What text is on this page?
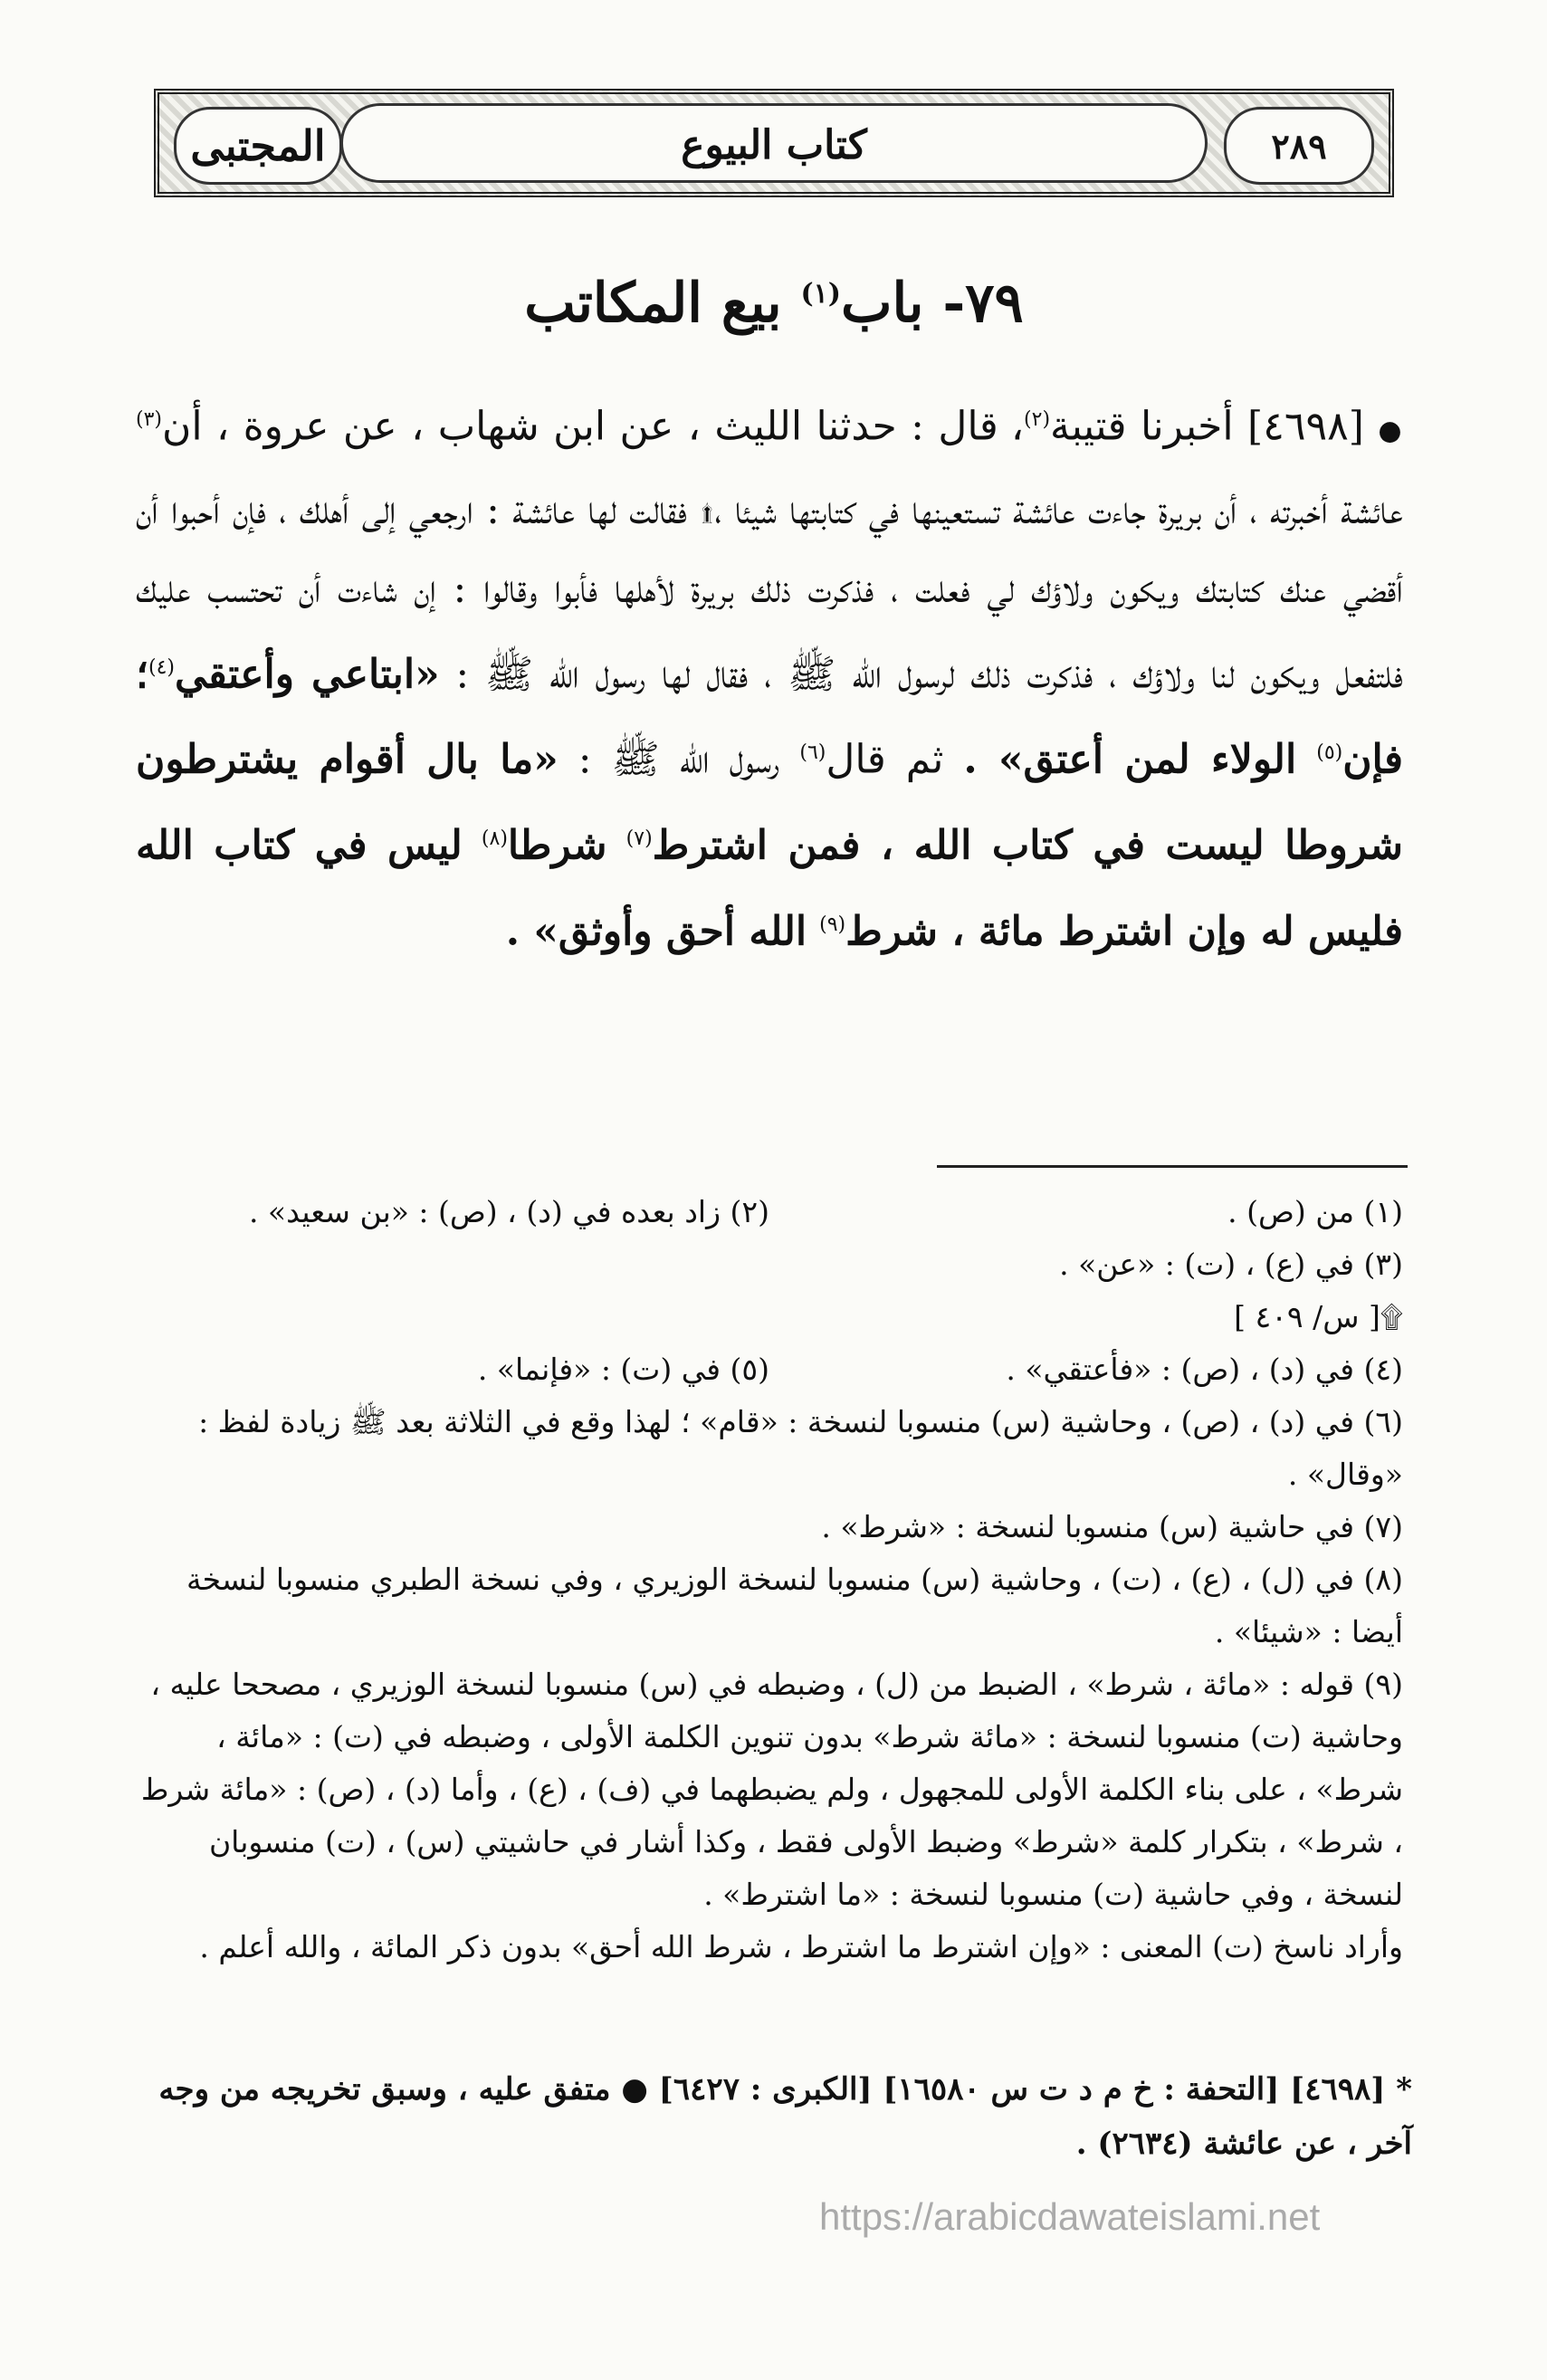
المجتبى	كتاب البيوع	٢٨٩
٧٩- باب$^{(١)}$ بيع المكاتب
● [٤٦٩٨] أخبرنا قتيبة$^{(٢)}$، قال : حدثنا الليث ، عن ابن شهاب ، عن عروة ، أن$^{(٣)}$ عائشة أخبرته ، أن بريرة جاءت عائشة تستعينها في كتابتها شيئا ،۩ فقالت لها عائشة : ارجعي إلى أهلك ، فإن أحبوا أن أقضي عنك كتابتك ويكون ولاؤك لي فعلت ، فذكرت ذلك بريرة لأهلها فأبوا وقالوا : إن شاءت أن تحتسب عليك فلتفعل ويكون لنا ولاؤك ، فذكرت ذلك لرسول الله ﷺ ، فقال لها رسول الله ﷺ : «ابتاعي وأعتقي$^{(٤)}$؛ فإن$^{(٥)}$ الولاء لمن أعتق» . ثم قال$^{(٦)}$ رسول الله ﷺ : «ما بال أقوام يشترطون شروطا ليست في كتاب الله ، فمن اشترط$^{(٧)}$ شرطا$^{(٨)}$ ليس في كتاب الله فليس له وإن اشترط مائة ، شرط$^{(٩)}$ الله أحق وأوثق» .

(١) من (ص) .

(٢) زاد بعده في (د) ، (ص) : «بن سعيد» .

(٣) في (ع) ، (ت) : «عن» .

۩[ س/ ٤٠٩ ]

(٤) في (د) ، (ص) : «فأعتقي» .

(٥) في (ت) : «فإنما» .

(٦) في (د) ، (ص) ، وحاشية (س) منسوبا لنسخة : «قام» ؛ لهذا وقع في الثلاثة بعد ﷺ زيادة لفظ : «وقال» .

(٧) في حاشية (س) منسوبا لنسخة : «شرط» .

(٨) في (ل) ، (ع) ، (ت) ، وحاشية (س) منسوبا لنسخة الوزيري ، وفي نسخة الطبري منسوبا لنسخة أيضا : «شيئا» .

(٩) قوله : «مائة ، شرط» ، الضبط من (ل) ، وضبطه في (س) منسوبا لنسخة الوزيري ، مصححا عليه ، وحاشية (ت) منسوبا لنسخة : «مائة شرط» بدون تنوين الكلمة الأولى ، وضبطه في (ت) : «مائة ، شرط» ، على بناء الكلمة الأولى للمجهول ، ولم يضبطهما في (ف) ، (ع) ، وأما (د) ، (ص) : «مائة شرط ، شرط» ، بتكرار كلمة «شرط» وضبط الأولى فقط ، وكذا أشار في حاشيتي (س) ، (ت) منسوبان لنسخة ، وفي حاشية (ت) منسوبا لنسخة : «ما اشترط» .

وأراد ناسخ (ت) المعنى : «وإن اشترط ما اشترط ، شرط الله أحق» بدون ذكر المائة ، والله أعلم .

* [٤٦٩٨] [التحفة : خ م د ت س ١٦٥٨٠] [الكبرى : ٦٤٢٧] ● متفق عليه ، وسبق تخريجه من وجه آخر ، عن عائشة (٢٦٣٤) .
https://arabicdawateislami.net
